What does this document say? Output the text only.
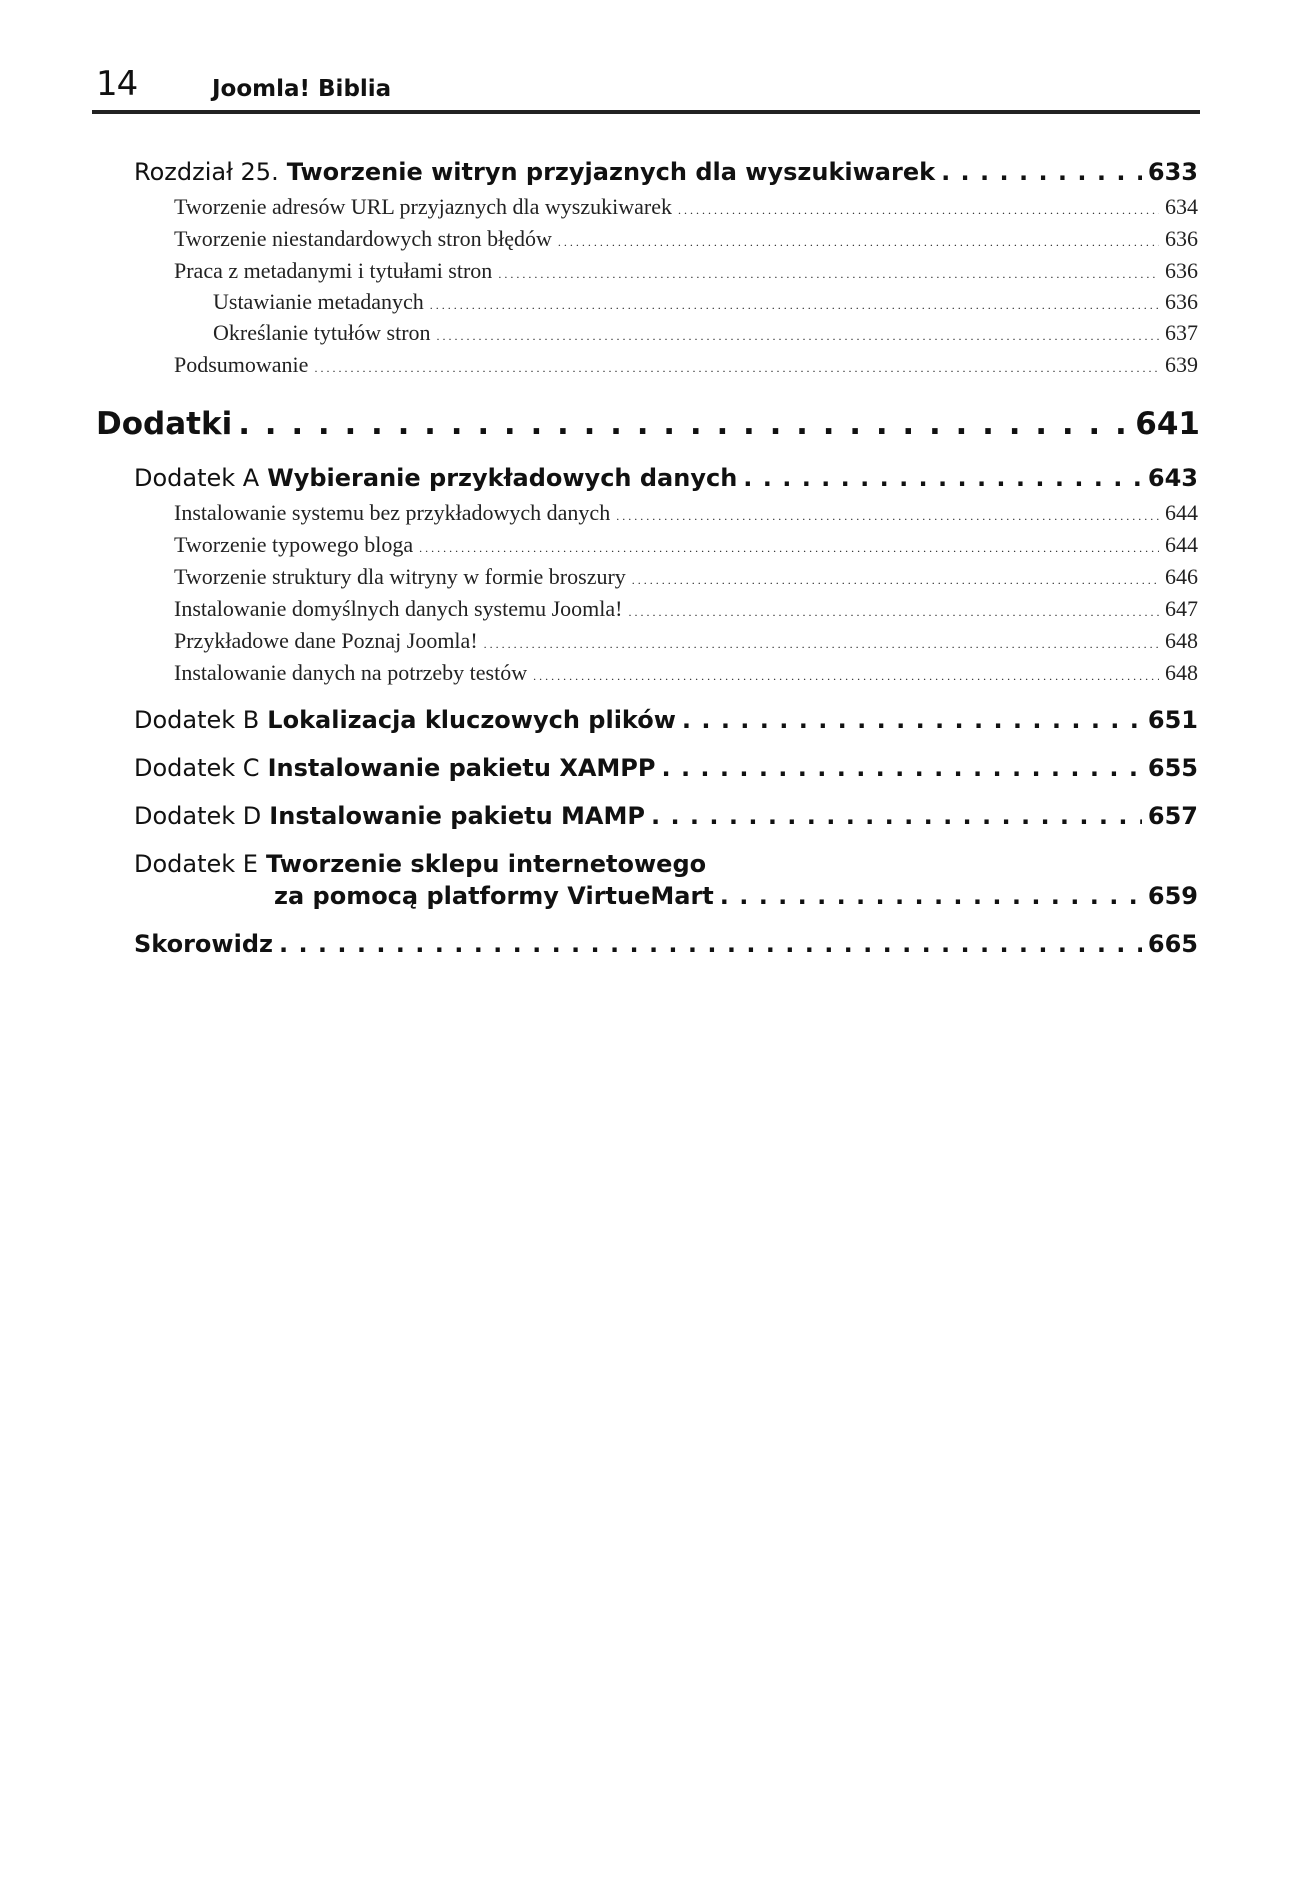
14	Joomla! Biblia
Rozdział 25. Tworzenie witryn przyjaznych dla wyszukiwarek . . .	633
Tworzenie adresów URL przyjaznych dla wyszukiwarek . . .	634
Tworzenie niestandardowych stron błędów . . .	636
Praca z metadanymi i tytułami stron . . .	636
Ustawianie metadanych . . .	636
Określanie tytułów stron . . .	637
Podsumowanie . . .	639
Dodatki . . .	641
Dodatek A Wybieranie przykładowych danych . . .	643
Instalowanie systemu bez przykładowych danych . . .	644
Tworzenie typowego bloga . . .	644
Tworzenie struktury dla witryny w formie broszury . . .	646
Instalowanie domyślnych danych systemu Joomla! . . .	647
Przykładowe dane Poznaj Joomla! . . .	648
Instalowanie danych na potrzeby testów . . .	648
Dodatek B Lokalizacja kluczowych plików . . .	651
Dodatek C Instalowanie pakietu XAMPP . . .	655
Dodatek D Instalowanie pakietu MAMP . . .	657
Dodatek E Tworzenie sklepu internetowego
za pomocą platformy VirtueMart . . .	659
Skorowidz . . .	665
